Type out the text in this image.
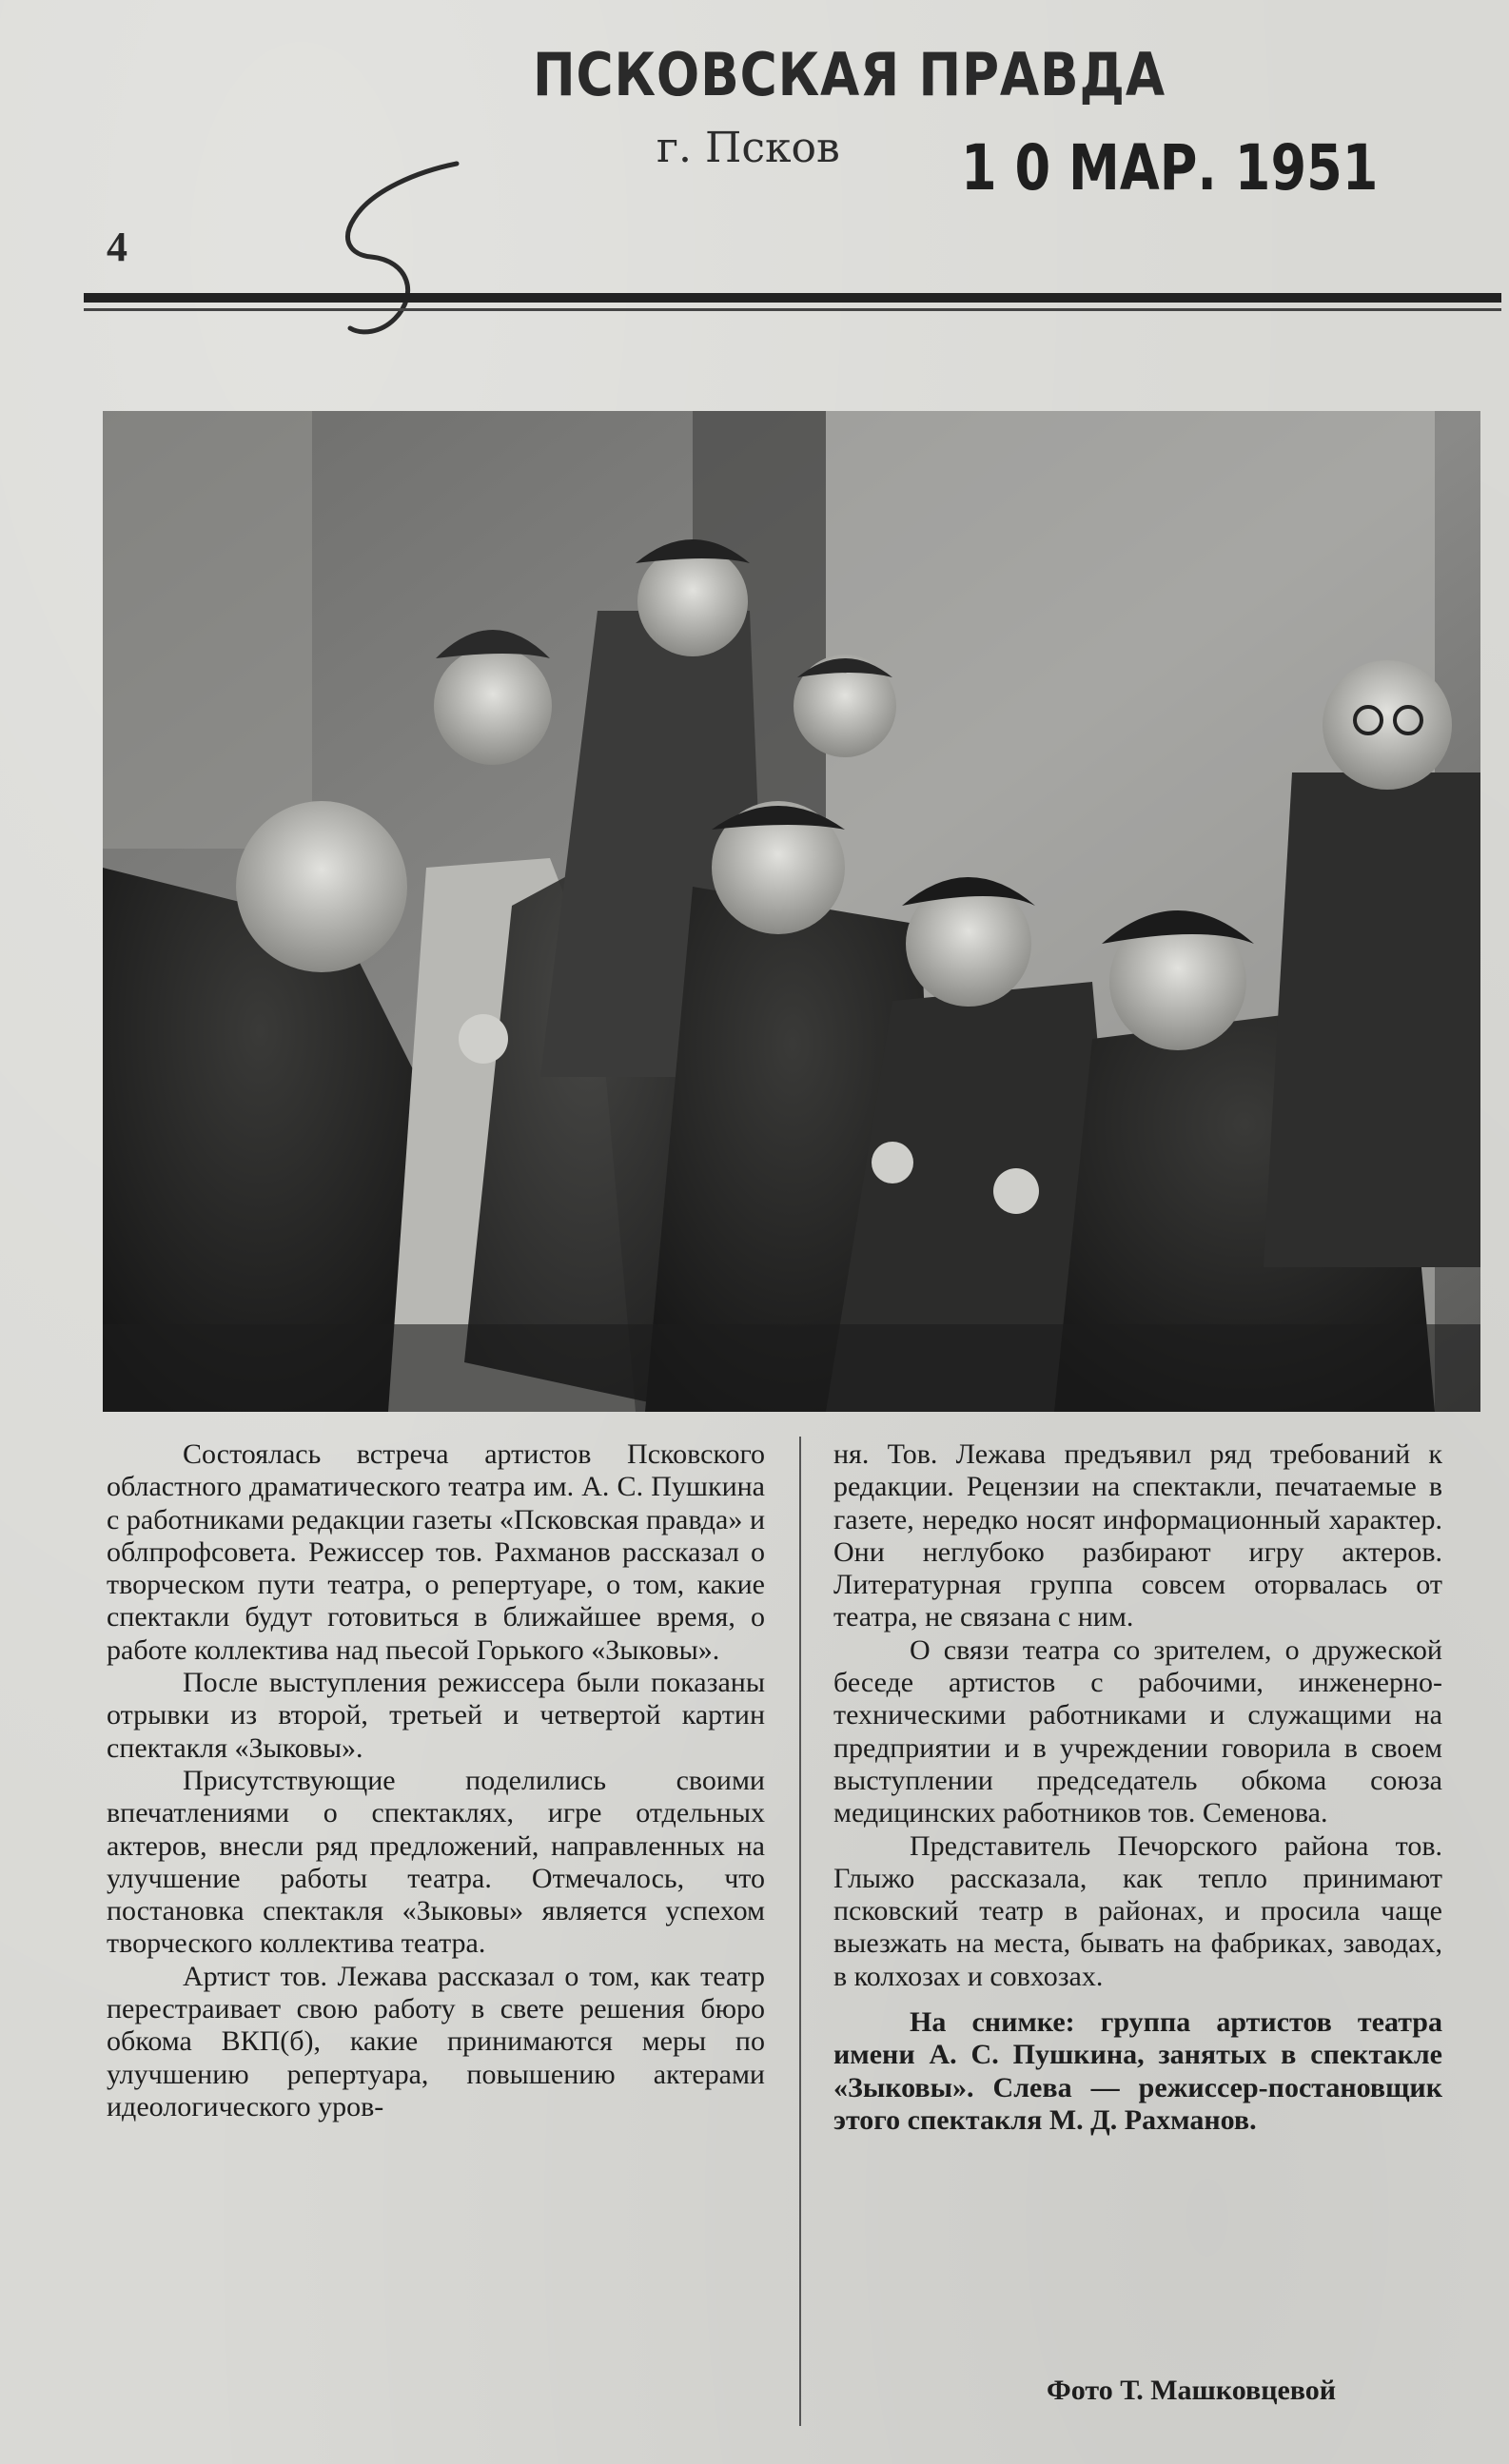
ПСКОВСКАЯ ПРАВДА
г. Псков 1 0 МАР. 1951
4

Состоялась встреча артистов Псковского областного драматического театра им. А. С. Пушкина с работниками редакции газеты «Псковская правда» и облпрофсовета. Режиссер тов. Рахманов рассказал о творческом пути театра, о репертуаре, о том, какие спектакли будут готовиться в ближайшее время, о работе коллектива над пьесой Горького «Зыковы».

После выступления режиссера были показаны отрывки из второй, третьей и четвертой картин спектакля «Зыковы».

Присутствующие поделились своими впечатлениями о спектаклях, игре отдельных актеров, внесли ряд предложений, направленных на улучшение работы театра. Отмечалось, что постановка спектакля «Зыковы» является успехом творческого коллектива театра.

Артист тов. Лежава рассказал о том, как театр перестраивает свою работу в свете решения бюро обкома ВКП(б), какие принимаются меры по улучшению репертуара, повышению актерами идеологического уров-

ня. Тов. Лежава предъявил ряд требований к редакции. Рецензии на спектакли, печатаемые в газете, нередко носят информационный характер. Они неглубоко разбирают игру актеров. Литературная группа совсем оторвалась от театра, не связана с ним.

О связи театра со зрителем, о дружеской беседе артистов с рабочими, инженерно-техническими работниками и служащими на предприятии и в учреждении говорила в своем выступлении председатель обкома союза медицинских работников тов. Семенова.

Представитель Печорского района тов. Глыжо рассказала, как тепло принимают псковский театр в районах, и просила чаще выезжать на места, бывать на фабриках, заводах, в колхозах и совхозах.

На снимке: группа артистов театра имени А. С. Пушкина, занятых в спектакле «Зыковы». Слева — режиссер-постановщик этого спектакля М. Д. Рахманов.

Фото Т. Машковцевой
